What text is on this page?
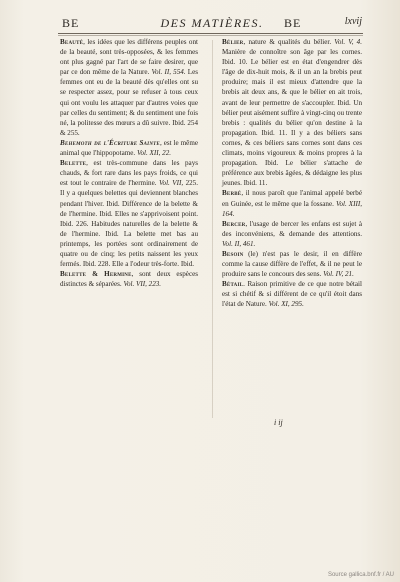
BE	DES MATIÈRES. BE	lxvij

Beauté, les idées que les différens peuples ont de la beauté, sont très-opposées, & les femmes ont plus gagné par l'art de se faire desirer, que par ce don même de la Nature. Vol. II, 554. Les femmes ont eu de la beauté dès qu'elles ont su se respecter assez, pour se refuser à tous ceux qui ont voulu les attaquer par d'autres voies que par celles du sentiment; & du sentiment une fois né, la politesse des mœurs a dû suivre. Ibid. 254 & 255.

Behemoth de l'Écriture Sainte, est le même animal que l'hippopotame. Vol. XII, 22.

Belette, est très-commune dans les pays chauds, & fort rare dans les pays froids, ce qui est tout le contraire de l'hermine. Vol. VII, 225. Il y a quelques belettes qui deviennent blanches pendant l'hiver. Ibid. Différence de la belette & de l'hermine. Ibid. Elles ne s'apprivoisent point. Ibid. 226. Habitudes naturelles de la belette & de l'hermine. Ibid. La belette met bas au printemps, les portées sont ordinairement de quatre ou de cinq; les petits naissent les yeux fermés. Ibid. 228. Elle a l'odeur très-forte. Ibid.

Belette & Hermine, sont deux espèces distinctes & séparées. Vol. VII, 223.

Bélier, nature & qualités du bélier. Vol. V, 4. Manière de connoître son âge par les cornes. Ibid. 10. Le bélier est en état d'engendrer dès l'âge de dix-huit mois, & il un an la brebis peut produire; mais il est mieux d'attendre que la brebis ait deux ans, & que le bélier en ait trois, avant de leur permettre de s'accoupler. Ibid. Un bélier peut aisément suffire à vingt-cinq ou trente brebis : qualités du bélier qu'on destine à la propagation. Ibid. 11. Il y a des béliers sans cornes, & ces béliers sans cornes sont dans ces climats, moins vigoureux & moins propres à la propagation. Ibid. Le bélier s'attache de préférence aux brebis âgées, & dédaigne les plus jeunes. Ibid. 11.

Berbé, il nous paroît que l'animal appelé berbé en Guinée, est le même que la fossane. Vol. XIII, 164.

Bercer, l'usage de bercer les enfans est sujet à des inconvéniens, & demande des attentions. Vol. II, 461.

Besoin (le) n'est pas le desir, il en diffère comme la cause diffère de l'effet, & il ne peut le produire sans le concours des sens. Vol. IV, 21.

Bétail. Raison primitive de ce que notre bétail est si chétif & si différent de ce qu'il étoit dans l'état de Nature. Vol. XI, 295.

i ij
Source gallica.bnf.fr / AU
